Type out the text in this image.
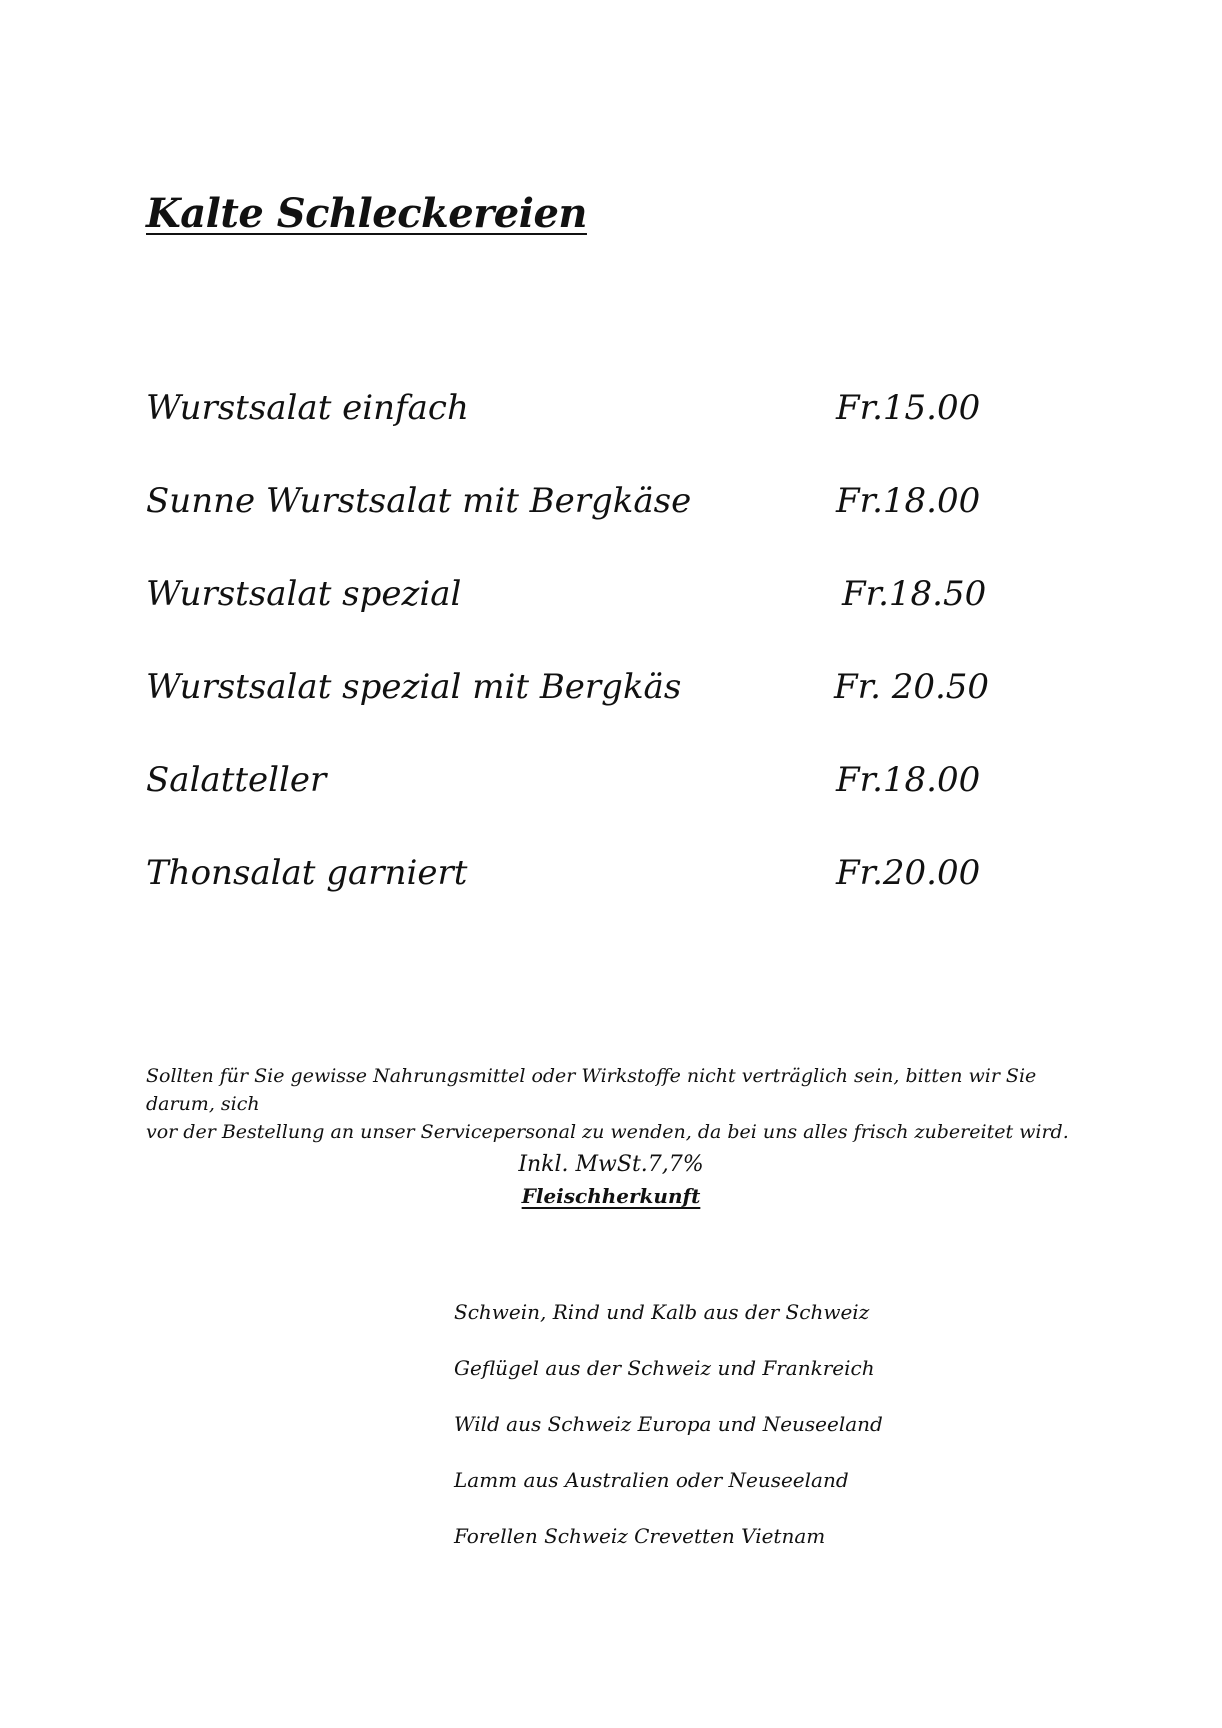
Kalte Schleckereien
Wurstsalat einfach	Fr.15.00
Sunne Wurstsalat mit Bergkäse	Fr.18.00
Wurstsalat spezial	Fr.18.50
Wurstsalat spezial mit Bergkäs	Fr. 20.50
Salatteller	Fr.18.00
Thonsalat garniert	Fr.20.00

Sollten für Sie gewisse Nahrungsmittel oder Wirkstoffe nicht verträglich sein, bitten wir Sie darum, sich

vor der Bestellung an unser Servicepersonal zu wenden, da bei uns alles frisch zubereitet wird.

Inkl. MwSt.7,7%
Fleischherkunft
Schwein, Rind und Kalb aus der Schweiz
Geflügel aus der Schweiz und Frankreich
Wild aus Schweiz Europa und Neuseeland
Lamm aus Australien oder Neuseeland
Forellen Schweiz Crevetten Vietnam
